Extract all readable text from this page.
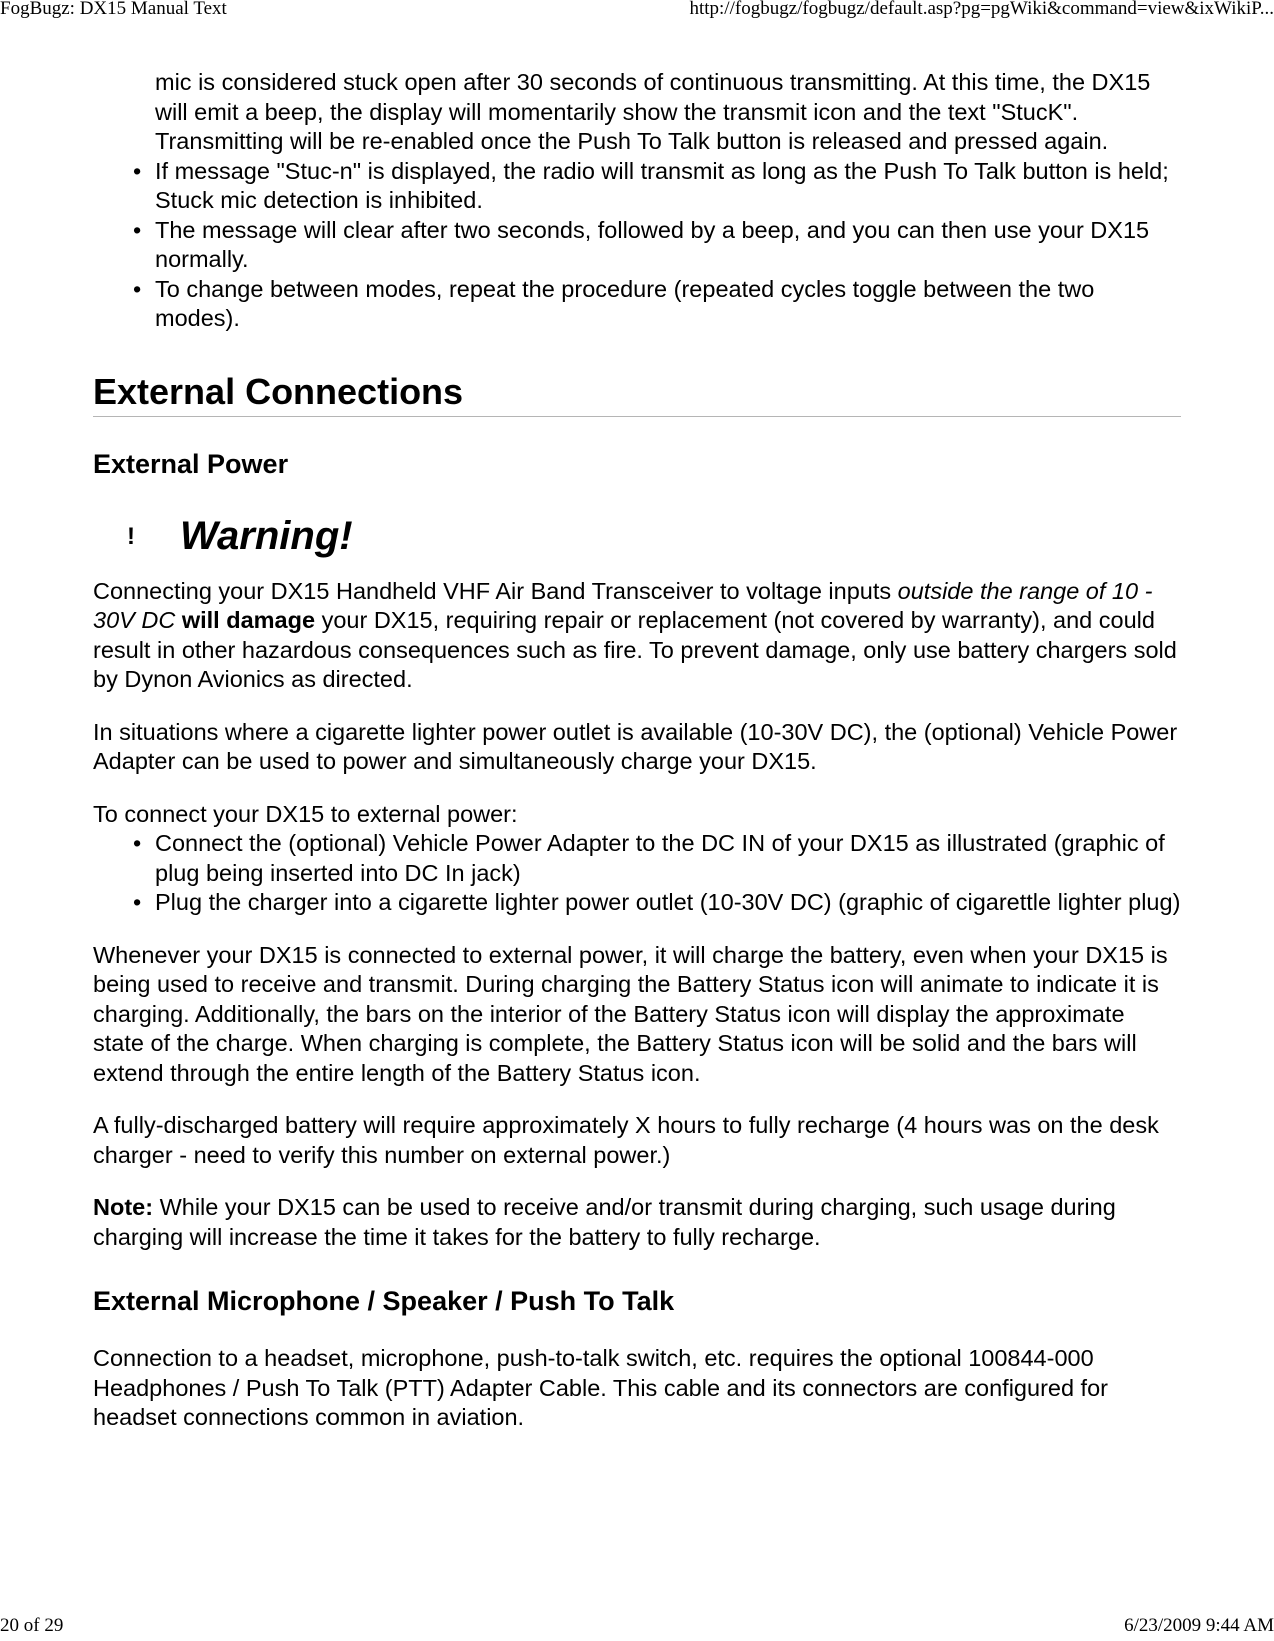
FogBugz: DX15 Manual Text	http://fogbugz/fogbugz/default.asp?pg=pgWiki&command=view&ixWikiP...
mic is considered stuck open after 30 seconds of continuous transmitting. At this time, the DX15 will emit a beep, the display will momentarily show the transmit icon and the text "StucK". Transmitting will be re-enabled once the Push To Talk button is released and pressed again.
• If message "Stuc-n" is displayed, the radio will transmit as long as the Push To Talk button is held; Stuck mic detection is inhibited.
• The message will clear after two seconds, followed by a beep, and you can then use your DX15 normally.
• To change between modes, repeat the procedure (repeated cycles toggle between the two modes).
External Connections
External Power
!	Warning!

Connecting your DX15 Handheld VHF Air Band Transceiver to voltage inputs outside the range of 10 - 30V DC will damage your DX15, requiring repair or replacement (not covered by warranty), and could result in other hazardous consequences such as fire. To prevent damage, only use battery chargers sold by Dynon Avionics as directed.

In situations where a cigarette lighter power outlet is available (10-30V DC), the (optional) Vehicle Power Adapter can be used to power and simultaneously charge your DX15.

To connect your DX15 to external power:

• Connect the (optional) Vehicle Power Adapter to the DC IN of your DX15 as illustrated (graphic of plug being inserted into DC In jack)
• Plug the charger into a cigarette lighter power outlet (10-30V DC) (graphic of cigarettle lighter plug)

Whenever your DX15 is connected to external power, it will charge the battery, even when your DX15 is being used to receive and transmit. During charging the Battery Status icon will animate to indicate it is charging. Additionally, the bars on the interior of the Battery Status icon will display the approximate state of the charge. When charging is complete, the Battery Status icon will be solid and the bars will extend through the entire length of the Battery Status icon.

A fully-discharged battery will require approximately X hours to fully recharge (4 hours was on the desk charger - need to verify this number on external power.)

Note: While your DX15 can be used to receive and/or transmit during charging, such usage during charging will increase the time it takes for the battery to fully recharge.

External Microphone / Speaker / Push To Talk

Connection to a headset, microphone, push-to-talk switch, etc. requires the optional 100844-000 Headphones / Push To Talk (PTT) Adapter Cable. This cable and its connectors are configured for headset connections common in aviation.

20 of 29	6/23/2009 9:44 AM
